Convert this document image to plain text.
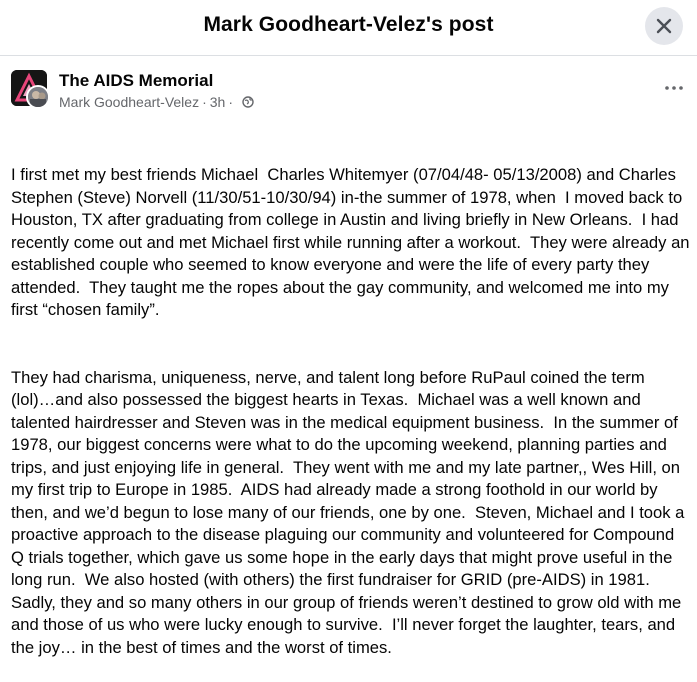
Mark Goodheart-Velez's post
The AIDS Memorial
Mark Goodheart-Velez · 3h ·

I first met my best friends Michael  Charles Whitemyer (07/04/48- 05/13/2008) and Charles Stephen (Steve) Norvell (11/30/51-10/30/94) in-the summer of 1978, when  I moved back to Houston, TX after graduating from college in Austin and living briefly in New Orleans.  I had recently come out and met Michael first while running after a workout.  They were already an established couple who seemed to know everyone and were the life of every party they attended.  They taught me the ropes about the gay community, and welcomed me into my first “chosen family”.

They had charisma, uniqueness, nerve, and talent long before RuPaul coined the term (lol)…and also possessed the biggest hearts in Texas.  Michael was a well known and talented hairdresser and Steven was in the medical equipment business.  In the summer of 1978, our biggest concerns were what to do the upcoming weekend, planning parties and trips, and just enjoying life in general.  They went with me and my late partner,, Wes Hill, on my first trip to Europe in 1985.  AIDS had already made a strong foothold in our world by then, and we’d begun to lose many of our friends, one by one.  Steven, Michael and I took a proactive approach to the disease plaguing our community and volunteered for Compound Q trials together, which gave us some hope in the early days that might prove useful in the long run.  We also hosted (with others) the first fundraiser for GRID (pre-AIDS) in 1981.  Sadly, they and so many others in our group of friends weren’t destined to grow old with me and those of us who were lucky enough to survive.  I’ll never forget the laughter, tears, and the joy… in the best of times and the worst of times.
